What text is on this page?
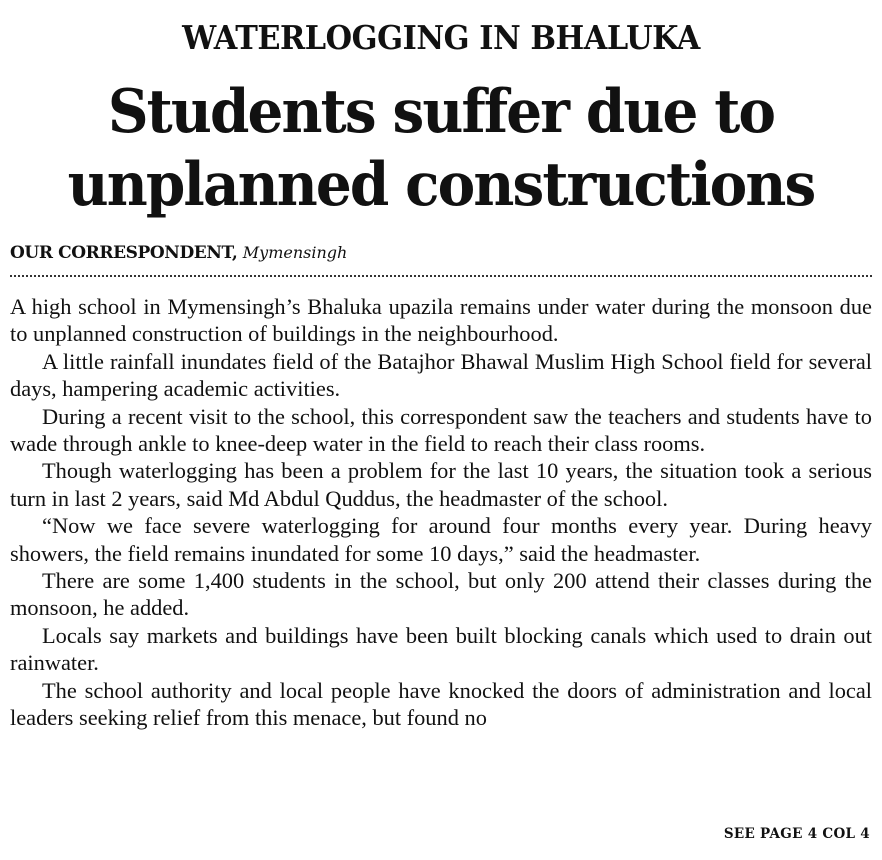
WATERLOGGING IN BHALUKA
Students suffer due to unplanned constructions
OUR CORRESPONDENT, Mymensingh

A high school in Mymensingh’s Bhaluka upazila remains under water during the monsoon due to unplanned construction of buildings in the neighbourhood.

A little rainfall inundates field of the Batajhor Bhawal Muslim High School field for several days, hampering academic activities.

During a recent visit to the school, this correspondent saw the teachers and students have to wade through ankle to knee-deep water in the field to reach their class rooms.

Though waterlogging has been a problem for the last 10 years, the situation took a serious turn in last 2 years, said Md Abdul Quddus, the headmaster of the school.

“Now we face severe waterlogging for around four months every year. During heavy showers, the field remains inundated for some 10 days,” said the headmaster.

There are some 1,400 students in the school, but only 200 attend their classes during the monsoon, he added.

Locals say markets and buildings have been built blocking canals which used to drain out rainwater.

The school authority and local people have knocked the doors of administration and local leaders seeking relief from this menace, but found no

SEE PAGE 4 COL 4
